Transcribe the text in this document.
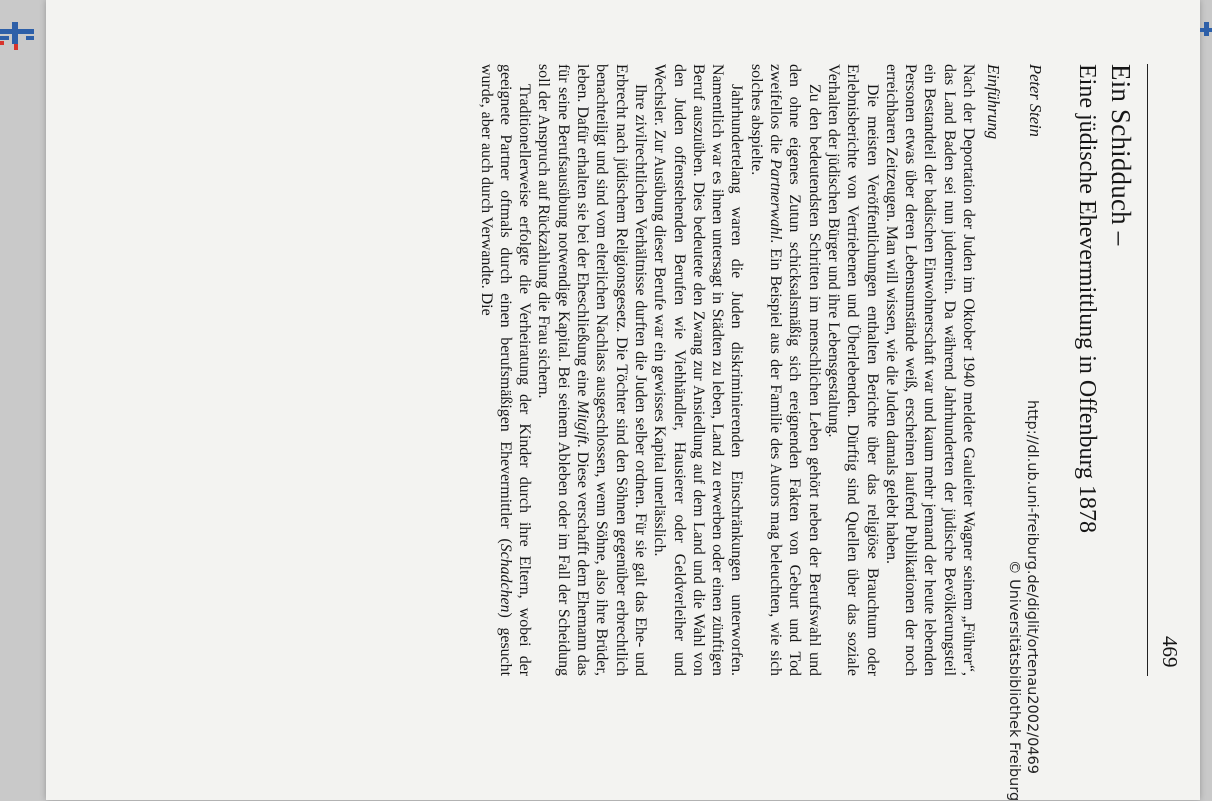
469
Ein Schidduch –
Eine jüdische Ehevermittlung in Offenburg 1878
Peter Stein
Einführung

Nach der Deportation der Juden im Oktober 1940 meldete Gauleiter Wagner seinem „Führer“, das Land Baden sei nun judenrein. Da während Jahrhunderten der jüdische Bevölkerungsteil ein Bestandteil der badischen Einwohnerschaft war und kaum mehr jemand der heute lebenden Personen etwas über deren Lebensumstände weiß, erscheinen laufend Publikationen der noch erreichbaren Zeitzeugen. Man will wissen, wie die Juden damals gelebt haben.

Die meisten Veröffentlichungen enthalten Berichte über das religiöse Brauchtum oder Erlebnisberichte von Vertriebenen und Überlebenden. Dürftig sind Quellen über das soziale Verhalten der jüdischen Bürger und ihre Lebensgestaltung.

Zu den bedeutendsten Schritten im menschlichen Leben gehört neben der Berufswahl und den ohne eigenes Zutun schicksalsmäßig sich ereignenden Fakten von Geburt und Tod zweifellos die Partnerwahl. Ein Beispiel aus der Familie des Autors mag beleuchten, wie sich solches abspielte.

Jahrhundertelang waren die Juden diskriminierenden Einschränkungen unterworfen. Namentlich war es ihnen untersagt in Städten zu leben, Land zu erwerben oder einen zünftigen Beruf auszuüben. Dies bedeutete den Zwang zur Ansiedlung auf dem Land und die Wahl von den Juden offenstehenden Berufen wie Viehhändler, Hausierer oder Geldverleiher und Wechsler. Zur Ausübung dieser Berufe war ein gewisses Kapital unerlässlich.

Ihre zivilrechtlichen Verhältnisse durften die Juden selber ordnen. Für sie galt das Ehe- und Erbrecht nach jüdischem Religionsgesetz. Die Töchter sind den Söhnen gegenüber erbrechtlich benachteiligt und sind vom elterlichen Nachlass ausgeschlossen, wenn Söhne, also ihre Brüder, leben. Dafür erhalten sie bei der Eheschließung eine Mitgift. Diese verschafft dem Ehemann das für seine Berufsausübung notwendige Kapital. Bei seinem Ableben oder im Fall der Scheidung soll der Anspruch auf Rückzahlung die Frau sichern.

Traditionellerweise erfolgte die Verheiratung der Kinder durch ihre Eltern, wobei der geeignete Partner oftmals durch einen berufsmäßigen Ehevermittler (Schadchen) gesucht wurde, aber auch durch Verwandte. Die

http://dl.ub.uni-freiburg.de/diglit/ortenau2002/0469
© Universitätsbibliothek Freiburg
